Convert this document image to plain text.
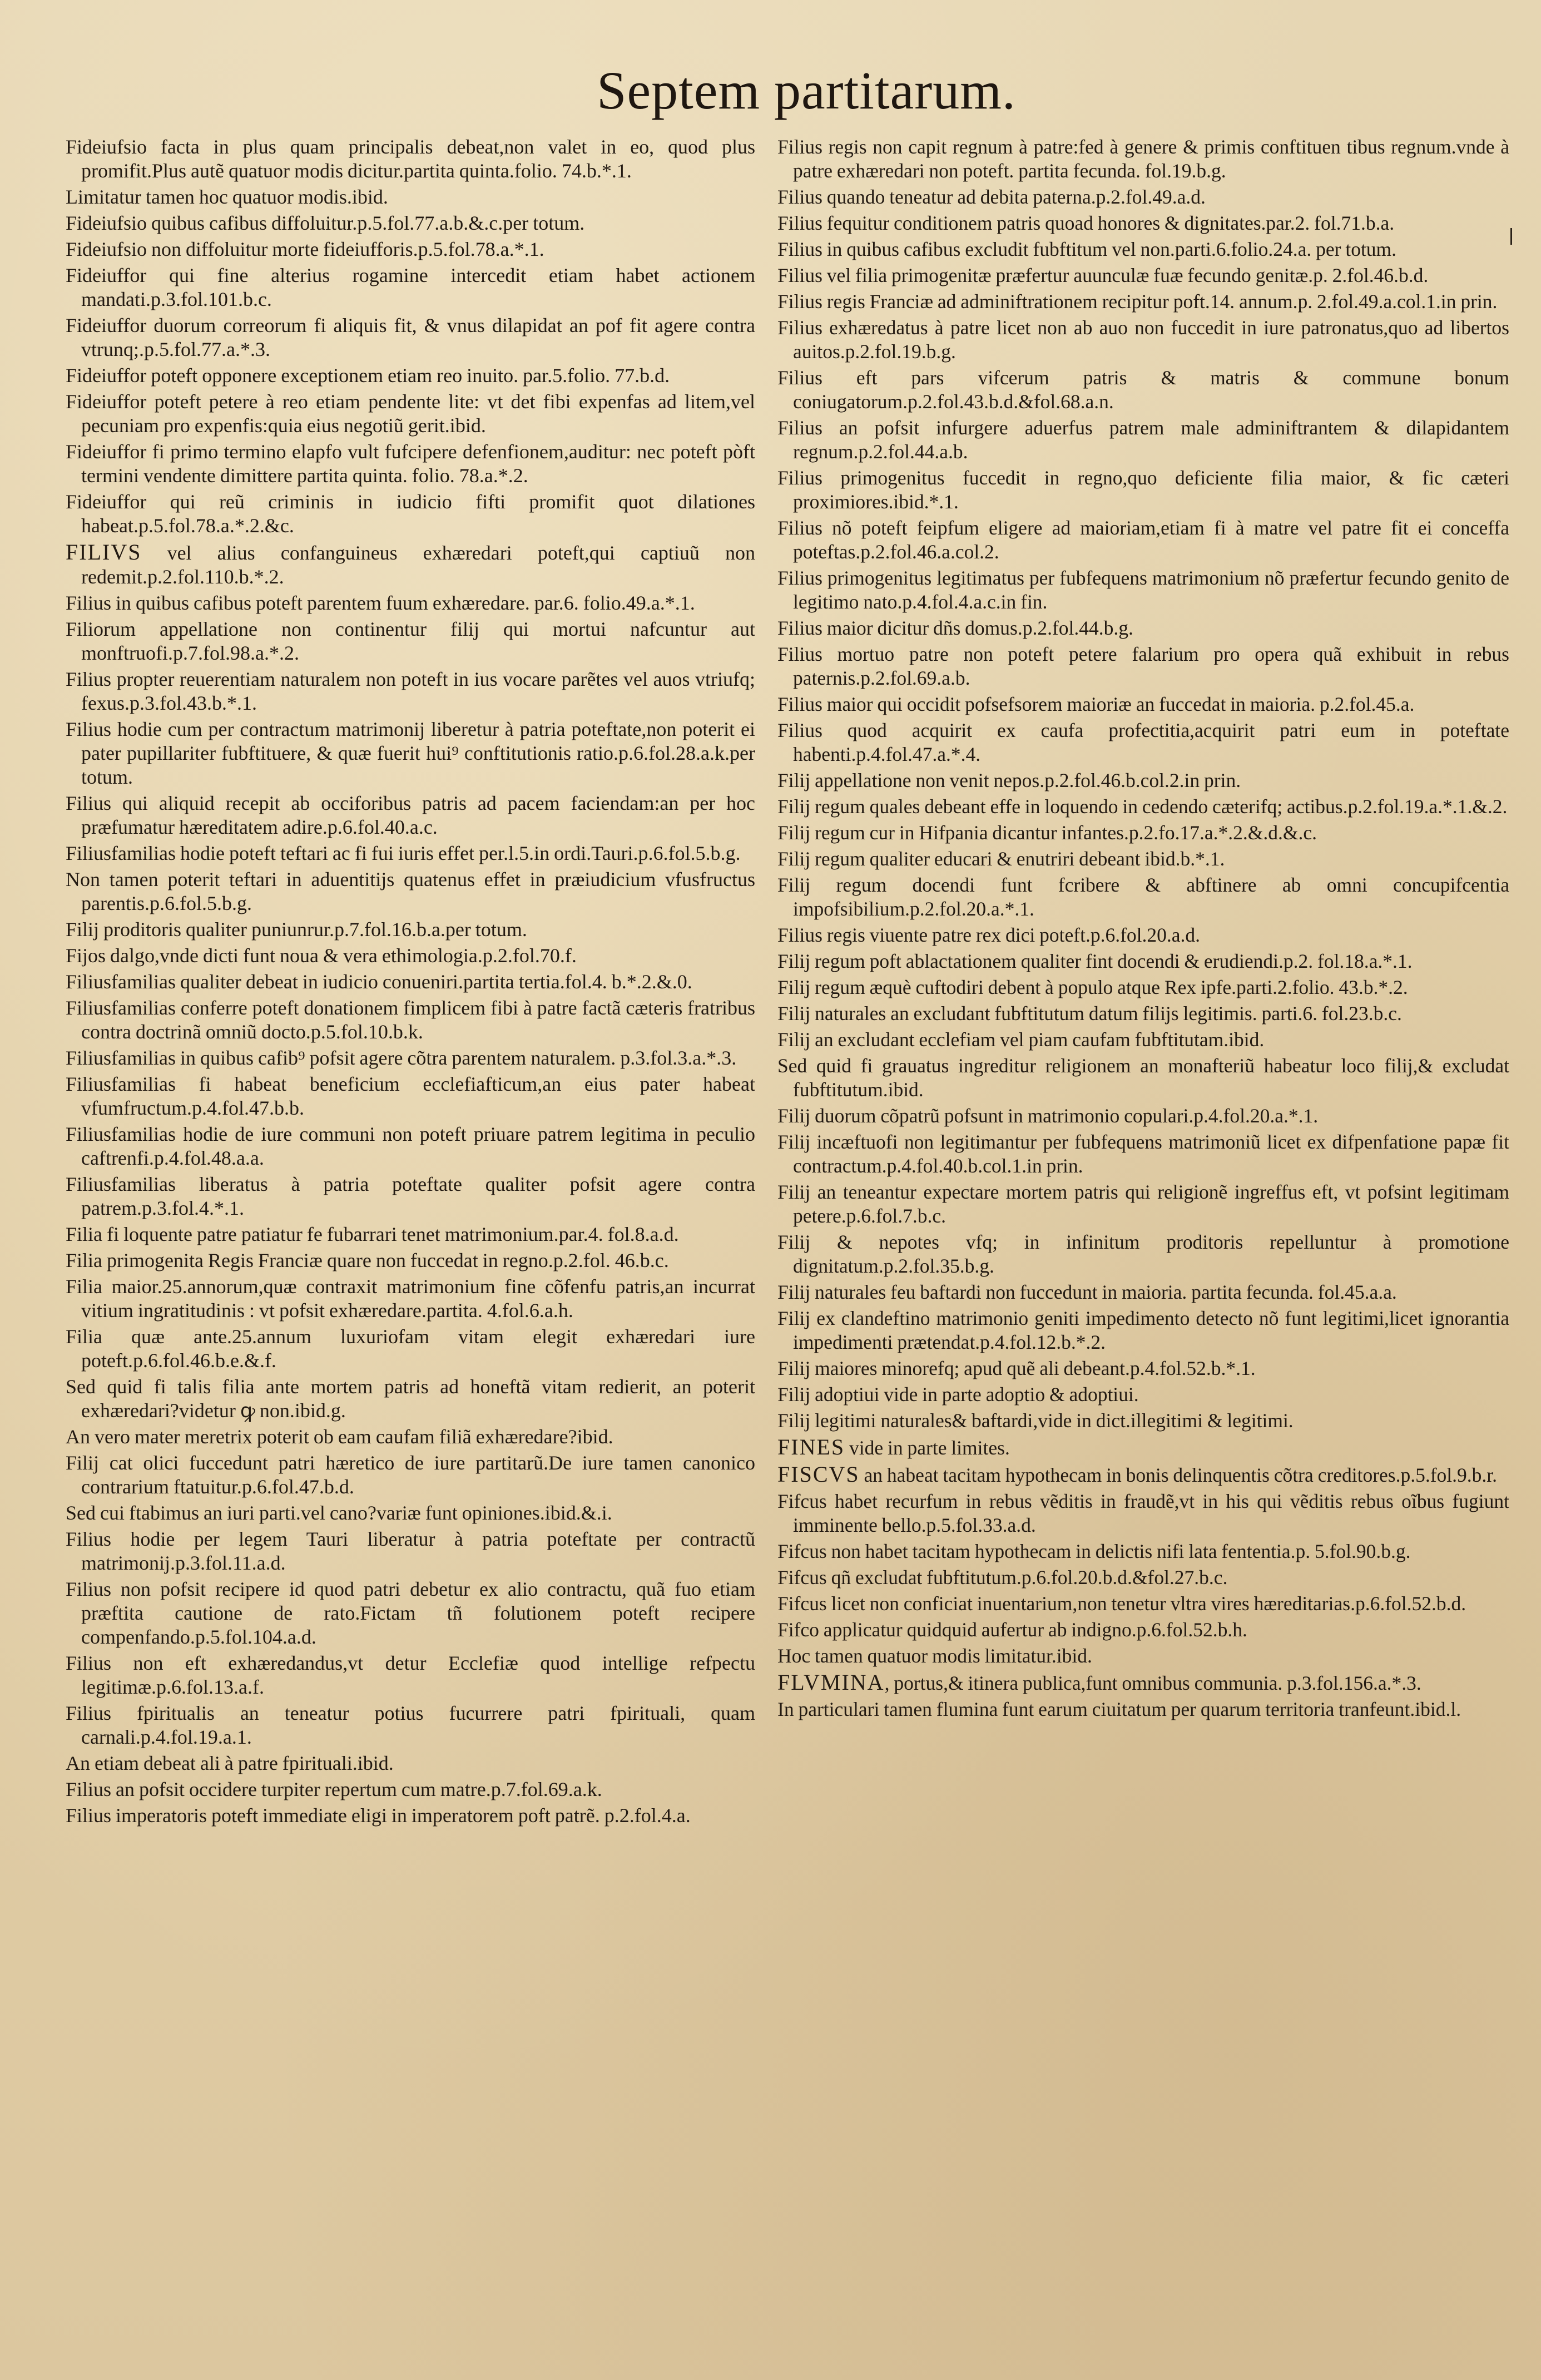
Septem partitarum.

Fideiufsio facta in plus quam principalis debeat,non valet in eo, quod plus promifit.Plus autẽ quatuor modis dicitur.partita quinta.folio. 74.b.*.1.

Limitatur tamen hoc quatuor modis.ibid.

Fideiufsio quibus cafibus diffoluitur.p.5.fol.77.a.b.&.c.per totum.

Fideiufsio non diffoluitur morte fideiufforis.p.5.fol.78.a.*.1.

Fideiuffor qui fine alterius rogamine intercedit etiam habet actionem mandati.p.3.fol.101.b.c.

Fideiuffor duorum correorum fi aliquis fit, & vnus dilapidat an pof fit agere contra vtrunq;.p.5.fol.77.a.*.3.

Fideiuffor poteft opponere exceptionem etiam reo inuito. par.5.folio. 77.b.d.

Fideiuffor poteft petere à reo etiam pendente lite: vt det fibi expenfas ad litem,vel pecuniam pro expenfis:quia eius negotiũ gerit.ibid.

Fideiuffor fi primo termino elapfo vult fufcipere defenfionem,auditur: nec poteft pòft termini vendente dimittere partita quinta. folio. 78.a.*.2.

Fideiuffor qui reũ criminis in iudicio fifti promifit quot dilationes habeat.p.5.fol.78.a.*.2.&c.

FILIVS vel alius confanguineus exhæredari poteft,qui captiuũ non redemit.p.2.fol.110.b.*.2.

Filius in quibus cafibus poteft parentem fuum exhæredare. par.6. folio.49.a.*.1.

Filiorum appellatione non continentur filij qui mortui nafcuntur aut monftruofi.p.7.fol.98.a.*.2.

Filius propter reuerentiam naturalem non poteft in ius vocare parẽtes vel auos vtriufq; fexus.p.3.fol.43.b.*.1.

Filius hodie cum per contractum matrimonij liberetur à patria poteftate,non poterit ei pater pupillariter fubftituere, & quæ fuerit hui⁹ conftitutionis ratio.p.6.fol.28.a.k.per totum.

Filius qui aliquid recepit ab occiforibus patris ad pacem faciendam:an per hoc præfumatur hæreditatem adire.p.6.fol.40.a.c.

Filiusfamilias hodie poteft teftari ac fi fui iuris effet per.l.5.in ordi.Tauri.p.6.fol.5.b.g.

Non tamen poterit teftari in aduentitijs quatenus effet in præiudicium vfusfructus parentis.p.6.fol.5.b.g.

Filij proditoris qualiter puniunrur.p.7.fol.16.b.a.per totum.

Fijos dalgo,vnde dicti funt noua & vera ethimologia.p.2.fol.70.f.

Filiusfamilias qualiter debeat in iudicio conueniri.partita tertia.fol.4. b.*.2.&.0.

Filiusfamilias conferre poteft donationem fimplicem fibi à patre factã cæteris fratribus contra doctrinã omniũ docto.p.5.fol.10.b.k.

Filiusfamilias in quibus cafib⁹ pofsit agere cõtra parentem naturalem. p.3.fol.3.a.*.3.

Filiusfamilias fi habeat beneficium ecclefiafticum,an eius pater habeat vfumfructum.p.4.fol.47.b.b.

Filiusfamilias hodie de iure communi non poteft priuare patrem legitima in peculio caftrenfi.p.4.fol.48.a.a.

Filiusfamilias liberatus à patria poteftate qualiter pofsit agere contra patrem.p.3.fol.4.*.1.

Filia fi loquente patre patiatur fe fubarrari tenet matrimonium.par.4. fol.8.a.d.

Filia primogenita Regis Franciæ quare non fuccedat in regno.p.2.fol. 46.b.c.

Filia maior.25.annorum,quæ contraxit matrimonium fine cõfenfu patris,an incurrat vitium ingratitudinis : vt pofsit exhæredare.partita. 4.fol.6.a.h.

Filia quæ ante.25.annum luxuriofam vitam elegit exhæredari iure poteft.p.6.fol.46.b.e.&.f.

Sed quid fi talis filia ante mortem patris ad honeftã vitam redierit, an poterit exhæredari?videtur ꝙ non.ibid.g.

An vero mater meretrix poterit ob eam caufam filiã exhæredare?ibid.

Filij cat olici fuccedunt patri hæretico de iure partitarũ.De iure tamen canonico contrarium ftatuitur.p.6.fol.47.b.d.

Sed cui ftabimus an iuri parti.vel cano?variæ funt opiniones.ibid.&.i.

Filius hodie per legem Tauri liberatur à patria poteftate per contractũ matrimonij.p.3.fol.11.a.d.

Filius non pofsit recipere id quod patri debetur ex alio contractu, quã fuo etiam præftita cautione de rato.Fictam tñ folutionem poteft recipere compenfando.p.5.fol.104.a.d.

Filius non eft exhæredandus,vt detur Ecclefiæ quod intellige refpectu legitimæ.p.6.fol.13.a.f.

Filius fpiritualis an teneatur potius fucurrere patri fpirituali, quam carnali.p.4.fol.19.a.1.

An etiam debeat ali à patre fpirituali.ibid.

Filius an pofsit occidere turpiter repertum cum matre.p.7.fol.69.a.k.

Filius imperatoris poteft immediate eligi in imperatorem poft patrẽ. p.2.fol.4.a.

Filius regis non capit regnum à patre:fed à genere & primis conftituen tibus regnum.vnde à patre exhæredari non poteft. partita fecunda. fol.19.b.g.

Filius quando teneatur ad debita paterna.p.2.fol.49.a.d.

Filius fequitur conditionem patris quoad honores & dignitates.par.2. fol.71.b.a.

Filius in quibus cafibus excludit fubftitum vel non.parti.6.folio.24.a. per totum.

Filius vel filia primogenitæ præfertur auunculæ fuæ fecundo genitæ.p. 2.fol.46.b.d.

Filius regis Franciæ ad adminiftrationem recipitur poft.14. annum.p. 2.fol.49.a.col.1.in prin.

Filius exhæredatus à patre licet non ab auo non fuccedit in iure patronatus,quo ad libertos auitos.p.2.fol.19.b.g.

Filius eft pars vifcerum patris & matris & commune bonum coniugatorum.p.2.fol.43.b.d.&fol.68.a.n.

Filius an pofsit infurgere aduerfus patrem male adminiftrantem & dilapidantem regnum.p.2.fol.44.a.b.

Filius primogenitus fuccedit in regno,quo deficiente filia maior, & fic cæteri proximiores.ibid.*.1.

Filius nõ poteft feipfum eligere ad maioriam,etiam fi à matre vel patre fit ei conceffa poteftas.p.2.fol.46.a.col.2.

Filius primogenitus legitimatus per fubfequens matrimonium nõ præfertur fecundo genito de legitimo nato.p.4.fol.4.a.c.in fin.

Filius maior dicitur dñs domus.p.2.fol.44.b.g.

Filius mortuo patre non poteft petere falarium pro opera quã exhibuit in rebus paternis.p.2.fol.69.a.b.

Filius maior qui occidit pofsefsorem maioriæ an fuccedat in maioria. p.2.fol.45.a.

Filius quod acquirit ex caufa profectitia,acquirit patri eum in poteftate habenti.p.4.fol.47.a.*.4.

Filij appellatione non venit nepos.p.2.fol.46.b.col.2.in prin.

Filij regum quales debeant effe in loquendo in cedendo cæterifq; actibus.p.2.fol.19.a.*.1.&.2.

Filij regum cur in Hifpania dicantur infantes.p.2.fo.17.a.*.2.&.d.&.c.

Filij regum qualiter educari & enutriri debeant ibid.b.*.1.

Filij regum docendi funt fcribere & abftinere ab omni concupifcentia impofsibilium.p.2.fol.20.a.*.1.

Filius regis viuente patre rex dici poteft.p.6.fol.20.a.d.

Filij regum poft ablactationem qualiter fint docendi & erudiendi.p.2. fol.18.a.*.1.

Filij regum æquè cuftodiri debent à populo atque Rex ipfe.parti.2.folio. 43.b.*.2.

Filij naturales an excludant fubftitutum datum filijs legitimis. parti.6. fol.23.b.c.

Filij an excludant ecclefiam vel piam caufam fubftitutam.ibid.

Sed quid fi grauatus ingreditur religionem an monafteriũ habeatur loco filij,& excludat fubftitutum.ibid.

Filij duorum cõpatrũ pofsunt in matrimonio copulari.p.4.fol.20.a.*.1.

Filij incæftuofi non legitimantur per fubfequens matrimoniũ licet ex difpenfatione papæ fit contractum.p.4.fol.40.b.col.1.in prin.

Filij an teneantur expectare mortem patris qui religionẽ ingreffus eft, vt pofsint legitimam petere.p.6.fol.7.b.c.

Filij & nepotes vfq; in infinitum proditoris repelluntur à promotione dignitatum.p.2.fol.35.b.g.

Filij naturales feu baftardi non fuccedunt in maioria. partita fecunda. fol.45.a.a.

Filij ex clandeftino matrimonio geniti impedimento detecto nõ funt legitimi,licet ignorantia impedimenti prætendat.p.4.fol.12.b.*.2.

Filij maiores minorefq; apud quẽ ali debeant.p.4.fol.52.b.*.1.

Filij adoptiui vide in parte adoptio & adoptiui.

Filij legitimi naturales& baftardi,vide in dict.illegitimi & legitimi.

FINES vide in parte limites.

FISCVS an habeat tacitam hypothecam in bonis delinquentis cõtra creditores.p.5.fol.9.b.r.

Fifcus habet recurfum in rebus vẽditis in fraudẽ,vt in his qui vẽditis rebus oĩbus fugiunt imminente bello.p.5.fol.33.a.d.

Fifcus non habet tacitam hypothecam in delictis nifi lata fententia.p. 5.fol.90.b.g.

Fifcus qñ excludat fubftitutum.p.6.fol.20.b.d.&fol.27.b.c.

Fifcus licet non conficiat inuentarium,non tenetur vltra vires hæreditarias.p.6.fol.52.b.d.

Fifco applicatur quidquid aufertur ab indigno.p.6.fol.52.b.h.

Hoc tamen quatuor modis limitatur.ibid.

FLVMINA, portus,& itinera publica,funt omnibus communia. p.3.fol.156.a.*.3.

In particulari tamen flumina funt earum ciuitatum per quarum territoria tranfeunt.ibid.l.
